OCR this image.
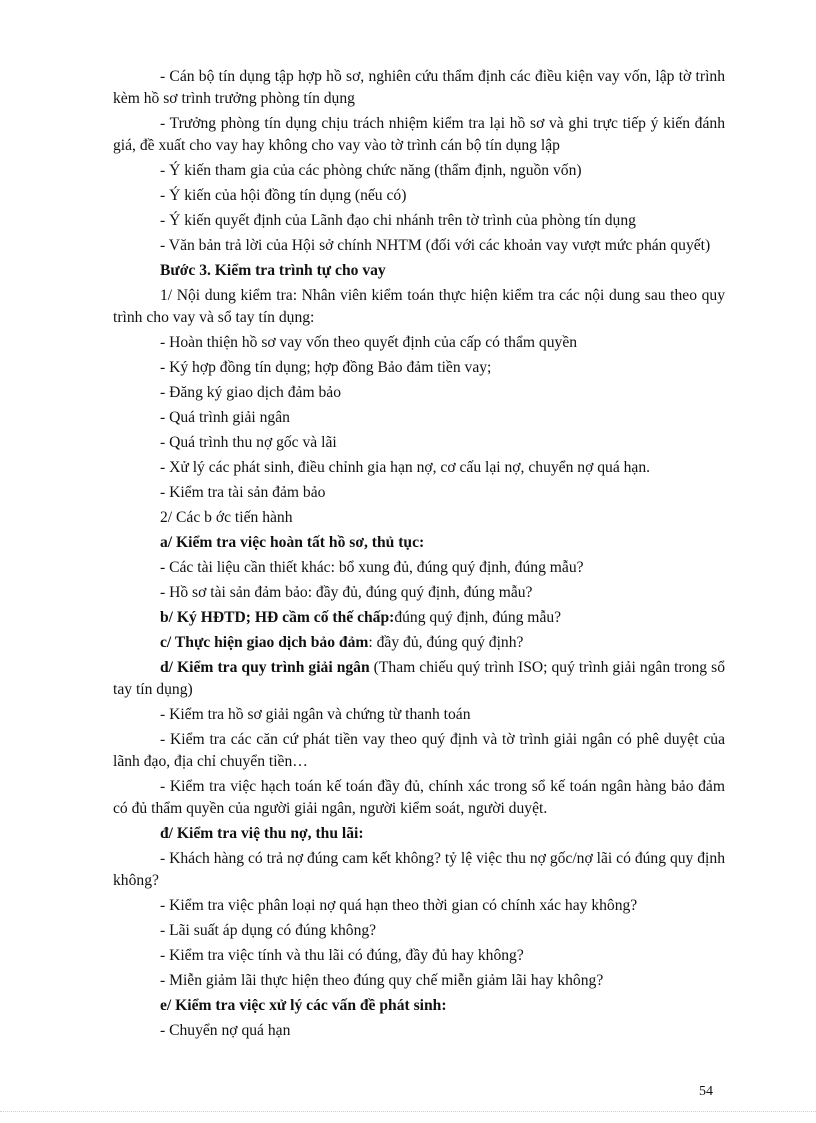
- Cán bộ tín dụng tập hợp hồ sơ, nghiên cứu thẩm định các điều kiện vay vốn, lập tờ trình kèm hồ sơ trình trưởng phòng tín dụng

- Trưởng phòng tín dụng chịu trách nhiệm kiểm tra lại hồ sơ và ghi trực tiếp ý kiến đánh giá, đề xuất cho vay hay không cho vay vào tờ trình cán bộ tín dụng lập

- Ý kiến tham gia của các phòng chức năng (thẩm định, nguồn vốn)

- Ý kiến của hội đồng tín dụng (nếu có)

- Ý kiến quyết định của Lãnh đạo chi nhánh trên tờ trình của phòng tín dụng

- Văn bản trả lời của Hội sở chính NHTM (đối với các khoản vay vượt mức phán quyết)

Bước 3. Kiểm tra trình tự cho vay

1/ Nội dung kiểm tra: Nhân viên kiểm toán thực hiện kiểm tra các nội dung sau theo quy trình cho vay và sổ tay tín dụng:

- Hoàn thiện hồ sơ vay vốn theo quyết định của cấp có thẩm quyền

- Ký hợp đồng tín dụng; hợp đồng Bảo đảm tiền vay;

- Đăng ký giao dịch đảm bảo

- Quá trình giải ngân

- Quá trình thu nợ gốc và lãi

- Xử lý các phát sinh, điều chỉnh gia hạn nợ, cơ cấu lại nợ, chuyển nợ quá hạn.

- Kiểm tra tài sản đảm bảo

2/ Các b ớc tiến hành

a/ Kiểm tra việc hoàn tất hồ sơ, thủ tục:

- Các tài liệu cần thiết khác: bổ xung đủ, đúng quý định, đúng mẫu?

- Hồ sơ tài sản đảm bảo: đầy đủ, đúng quý định, đúng mẫu?

b/ Ký HĐTD; HĐ cầm cố thế chấp:đúng quý định, đúng mẫu?

c/ Thực hiện giao dịch bảo đảm: đầy đủ, đúng quý định?

d/ Kiểm tra quy trình giải ngân (Tham chiếu quý trình ISO; quý trình giải ngân trong sổ tay tín dụng)

- Kiểm tra hồ sơ giải ngân và chứng từ thanh toán

- Kiểm tra các căn cứ phát tiền vay theo quý định và tờ trình giải ngân có phê duyệt của lãnh đạo, địa chỉ chuyển tiền…

- Kiểm tra việc hạch toán kế toán đầy đủ, chính xác trong sổ kế toán ngân hàng bảo đảm có đủ thẩm quyền của người giải ngân, người kiểm soát, người duyệt.

đ/ Kiểm tra việ thu nợ, thu lãi:

- Khách hàng có trả nợ đúng cam kết không? tỷ lệ việc thu nợ gốc/nợ lãi có đúng quy định không?

- Kiểm tra việc phân loại nợ quá hạn theo thời gian có chính xác hay không?

- Lãi suất áp dụng có đúng không?

- Kiểm tra việc tính và thu lãi có đúng, đầy đủ hay không?

- Miễn giảm lãi thực hiện theo đúng quy chế miễn giảm lãi hay không?

e/ Kiểm tra việc xử lý các vấn đề phát sinh:

- Chuyển nợ quá hạn

54
